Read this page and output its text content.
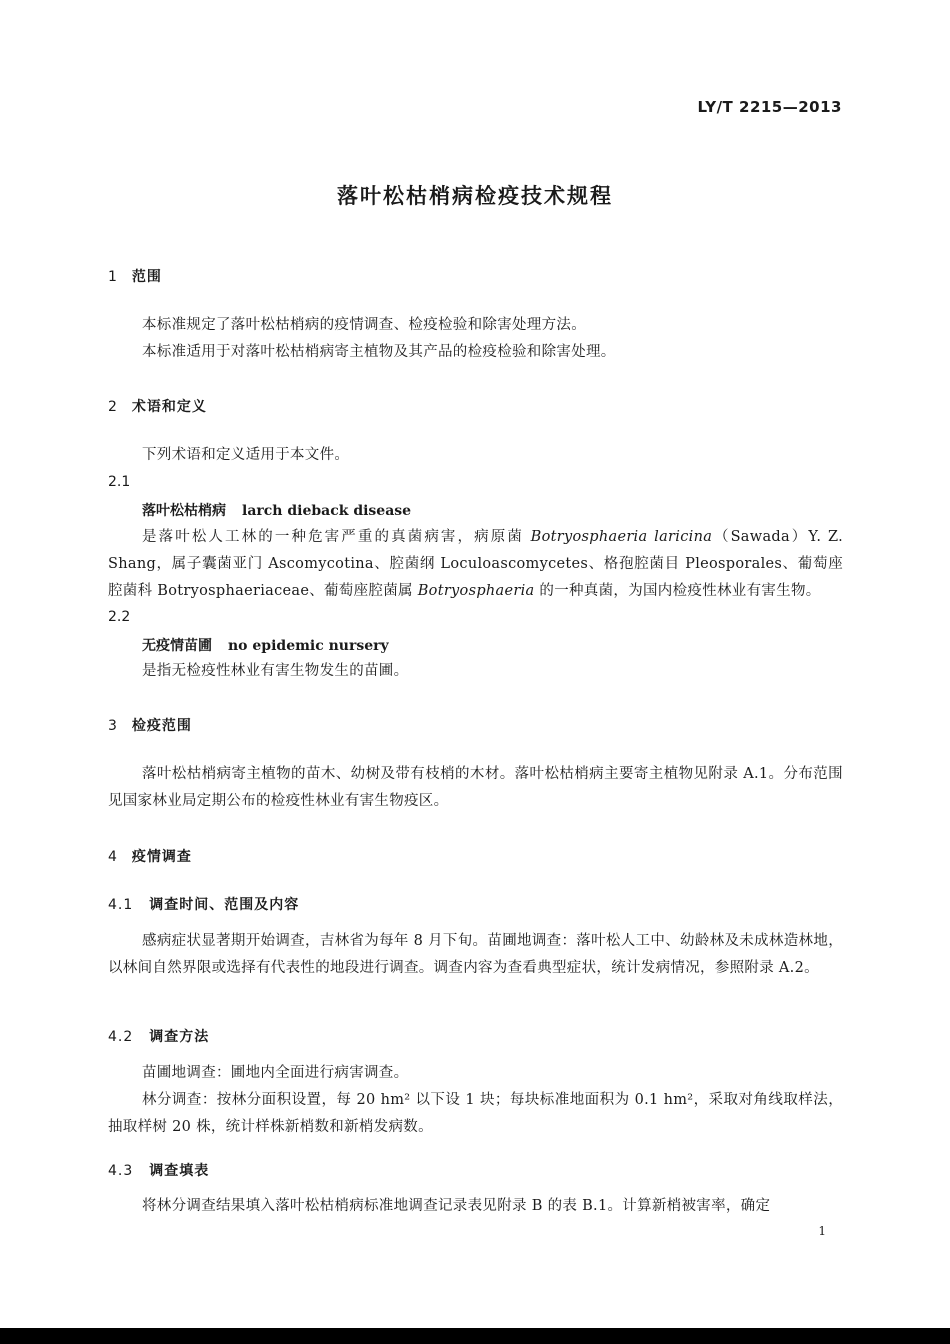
LY/T 2215—2013
落叶松枯梢病检疫技术规程
1 范围
本标准规定了落叶松枯梢病的疫情调查、检疫检验和除害处理方法。
本标准适用于对落叶松枯梢病寄主植物及其产品的检疫检验和除害处理。
2 术语和定义
下列术语和定义适用于本文件。
2.1
落叶松枯梢病 larch dieback disease
是落叶松人工林的一种危害严重的真菌病害，病原菌 Botryosphaeria laricina（Sawada）Y. Z. Shang，属子囊菌亚门 Ascomycotina、腔菌纲 Loculoascomycetes、格孢腔菌目 Pleosporales、葡萄座腔菌科 Botryosphaeriaceae、葡萄座腔菌属 Botryosphaeria 的一种真菌，为国内检疫性林业有害生物。
2.2
无疫情苗圃 no epidemic nursery
是指无检疫性林业有害生物发生的苗圃。
3 检疫范围
落叶松枯梢病寄主植物的苗木、幼树及带有枝梢的木材。落叶松枯梢病主要寄主植物见附录 A.1。分布范围见国家林业局定期公布的检疫性林业有害生物疫区。
4 疫情调查
4.1 调查时间、范围及内容
感病症状显著期开始调查，吉林省为每年 8 月下旬。苗圃地调查：落叶松人工中、幼龄林及未成林造林地，以林间自然界限或选择有代表性的地段进行调查。调查内容为查看典型症状，统计发病情况，参照附录 A.2。
4.2 调查方法
苗圃地调查：圃地内全面进行病害调查。
林分调查：按林分面积设置，每 20 hm² 以下设 1 块；每块标准地面积为 0.1 hm²，采取对角线取样法，抽取样树 20 株，统计样株新梢数和新梢发病数。
4.3 调查填表
将林分调查结果填入落叶松枯梢病标准地调查记录表见附录 B 的表 B.1。计算新梢被害率，确定
1
